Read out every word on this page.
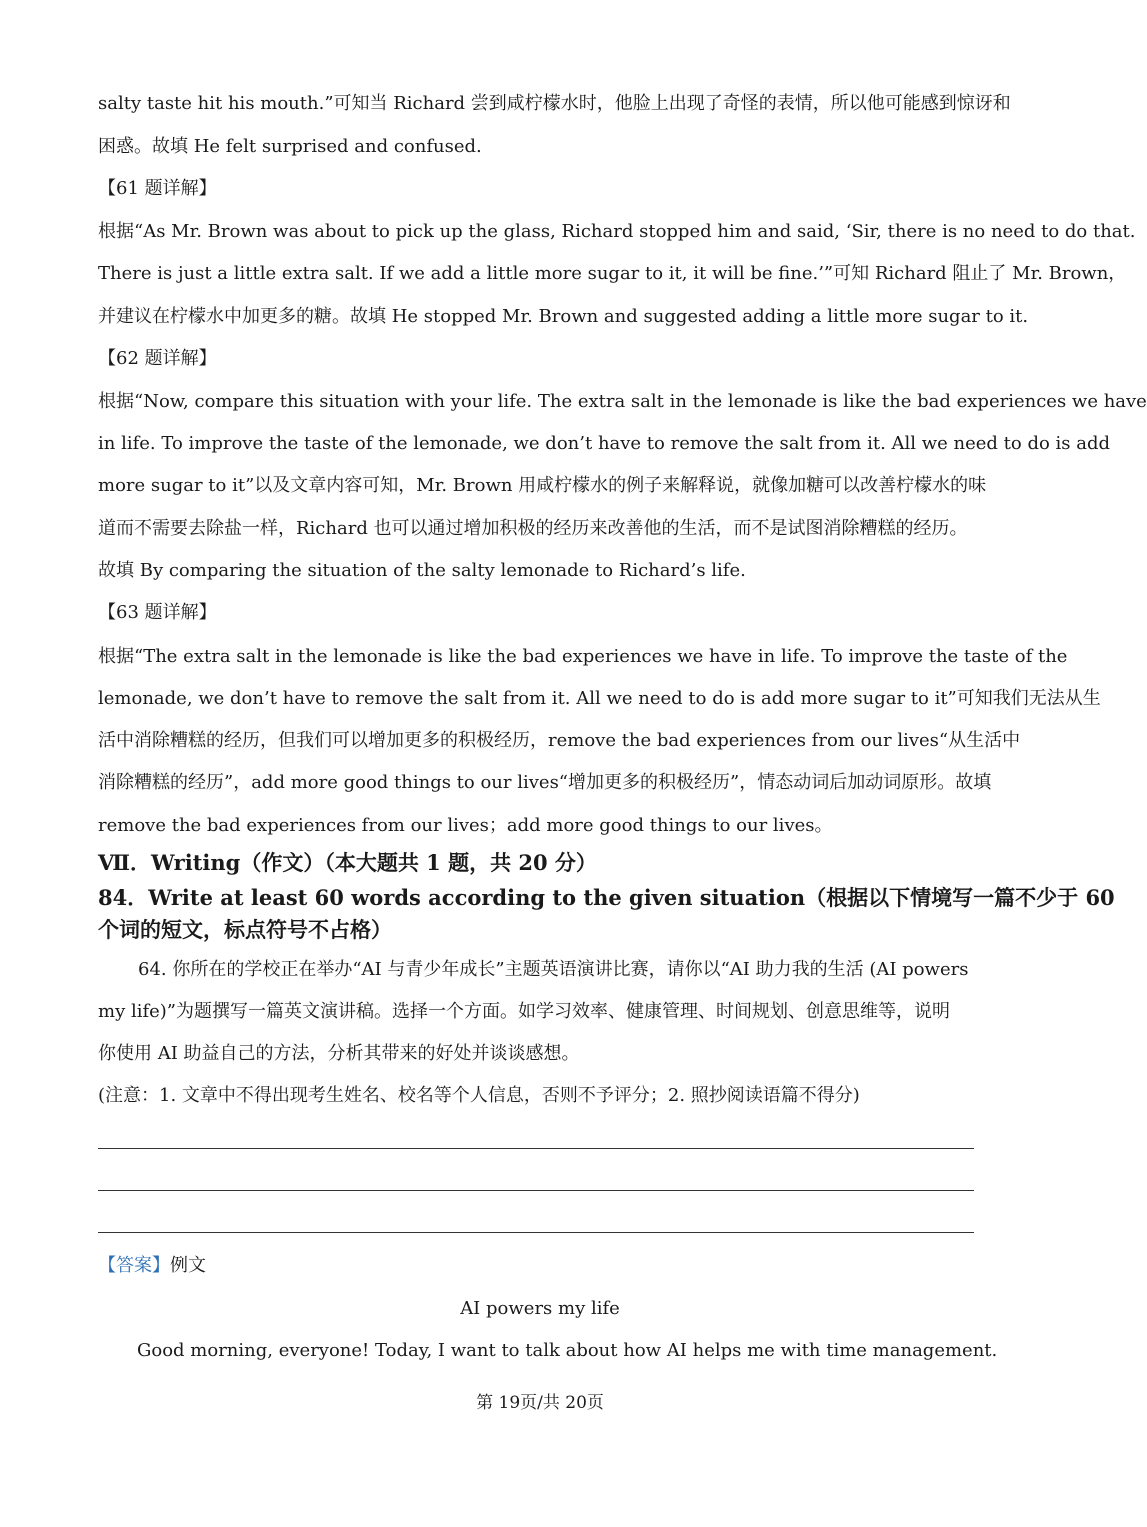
salty taste hit his mouth.”可知当 Richard 尝到咸柠檬水时，他脸上出现了奇怪的表情，所以他可能感到惊讶和
困惑。故填 He felt surprised and confused.
【61 题详解】
根据“As Mr. Brown was about to pick up the glass, Richard stopped him and said, ‘Sir, there is no need to do that.
There is just a little extra salt. If we add a little more sugar to it, it will be fine.’”可知 Richard 阻止了 Mr. Brown，
并建议在柠檬水中加更多的糖。故填 He stopped Mr. Brown and suggested adding a little more sugar to it.
【62 题详解】
根据“Now, compare this situation with your life. The extra salt in the lemonade is like the bad experiences we have
in life. To improve the taste of the lemonade, we don’t have to remove the salt from it. All we need to do is add
more sugar to it”以及文章内容可知，Mr. Brown 用咸柠檬水的例子来解释说，就像加糖可以改善柠檬水的味
道而不需要去除盐一样，Richard 也可以通过增加积极的经历来改善他的生活，而不是试图消除糟糕的经历。
故填 By comparing the situation of the salty lemonade to Richard’s life.
【63 题详解】
根据“The extra salt in the lemonade is like the bad experiences we have in life. To improve the taste of the
lemonade, we don’t have to remove the salt from it. All we need to do is add more sugar to it”可知我们无法从生
活中消除糟糕的经历，但我们可以增加更多的积极经历，remove the bad experiences from our lives“从生活中
消除糟糕的经历”，add more good things to our lives“增加更多的积极经历”，情态动词后加动词原形。故填
remove the bad experiences from our lives；add more good things to our lives。
Ⅶ．Writing（作文）（本大题共 1 题，共 20 分）
84．Write at least 60 words according to the given situation（根据以下情境写一篇不少于 60
个词的短文，标点符号不占格）
64. 你所在的学校正在举办“AI 与青少年成长”主题英语演讲比赛，请你以“AI 助力我的生活 (AI powers
my life)”为题撰写一篇英文演讲稿。选择一个方面。如学习效率、健康管理、时间规划、创意思维等，说明
你使用 AI 助益自己的方法，分析其带来的好处并谈谈感想。
(注意：1. 文章中不得出现考生姓名、校名等个人信息，否则不予评分；2. 照抄阅读语篇不得分)
【答案】例文
AI powers my life
Good morning, everyone! Today, I want to talk about how AI helps me with time management.
第 19页/共 20页
